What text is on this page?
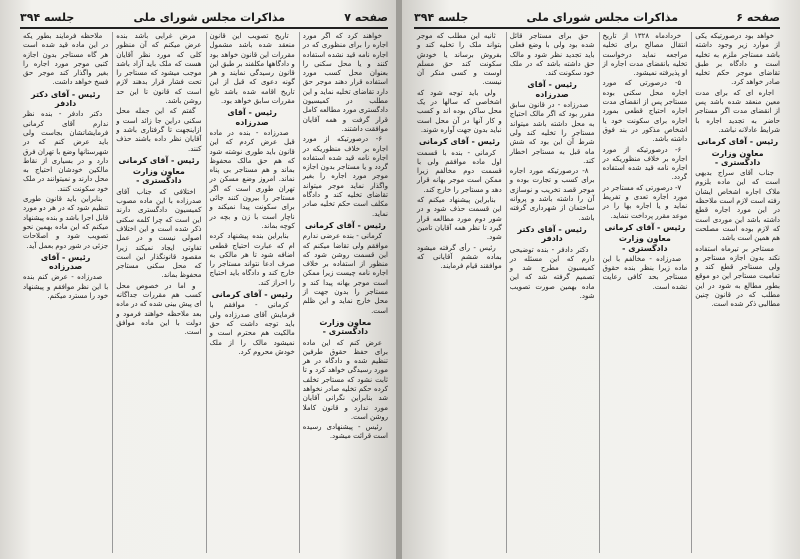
صفحه ۷
مذاکرات مجلس شورای ملی
جلسه ۳۹۴

خواهند کرد که اگر مورد اجاره را برای منظوری که در اجاره نامه قید نشده استفاده کنند و یا محل سکنی را بعنوان محل کسب مورد استفاده قرار دهند موجر حق دارد تقاضای تخلیه نماید و این مطلب در کمیسیون دادگستری مورد مطالعه کامل قرار گرفت و همه آقایان موافقت داشتند.

۶- درصورتیکه از مورد اجاره بر خلاف منظوریکه در اجاره نامه قید شده استفاده گردد و یا مستاجر بدون اجازه موجر مورد اجاره را بغیر واگذار نماید موجر میتواند تقاضای تخلیه کند و دادگاه مکلف است حکم تخلیه صادر نماید.

رئیس - آقای کرمانی

کرمانی - بنده عرضی ندارم موافقم ولی تقاضا میکنم که این قسمت روشن شود که منظور از استفاده بر خلاف اجاره نامه چیست زیرا ممکن است موجر بهانه پیدا کند و مستاجر را بدون جهت از محل خارج نماید و این ظلم است.

معاون وزارت دادگستری -

عرض کنم که این ماده برای حفظ حقوق طرفین تنظیم شده و دادگاه در هر مورد رسیدگی خواهد کرد و تا ثابت نشود که مستاجر تخلف کرده حکم تخلیه صادر نخواهد شد بنابراین نگرانی آقایان مورد ندارد و قانون کاملا روشن است.

رئیس - پیشنهادی رسیده است قرائت میشود.

تاریخ تصویب این قانون منعقد شده باشد مشمول مقررات این قانون خواهد بود و دادگاهها مکلفند بر طبق این قانون رسیدگی نمایند و هر گونه دعوی که قبل از این تاریخ اقامه شده باشد تابع مقررات سابق خواهد بود.

رئیس - آقای صدرزاده

صدرزاده - بنده در ماده قبل عرض کردم که این قانون باید طوری نوشته شود که هم حق مالک محفوظ بماند و هم مستاجر بی پناه نماند. امروز وضع مسکن در تهران طوری است که اگر مستاجر را بیرون کنند جائی برای سکونت پیدا نمیکند و ناچار است با زن و بچه در کوچه بماند.

بنابراین بنده پیشنهاد کرده ام که عبارت احتیاج قطعی اضافه شود تا هر مالکی به صرف ادعا نتواند مستاجر را خارج کند و دادگاه باید احتیاج را احراز کند.

رئیس - آقای کرمانی

کرمانی - موافقم با فرمایش آقای صدرزاده ولی باید توجه داشت که حق مالکیت هم محترم است و نمیشود مالک را از ملک خودش محروم کرد.

مرض غرایی باشد بنده عرض میکنم که آن منظور کلی که مورد نظر آقایان هست که ملک باید آزاد باشد موجب میشود که مستاجر را تحت فشار قرار بدهند لازم است که قانون تا این حد روشن باشد.

گفتم که این جمله محل سکنی دراین جا زائد است و ازاینجهت تا گرفتاری باشد و آقایان نظر داده باشند حذف کنند.

رئیس - آقای کرمانی
معاون وزارت دادگستری -

اختلافی که جناب آقای صدرزاده با این ماده مصوب کمیسیون دادگستری دارند این است که چرا کلمه سکنی ذکر شده است و این اختلاف اصولی نیست و در عمل تفاوتی ایجاد نمیکند زیرا مقصود قانونگذار این است که محل سکنی مستاجر محفوظ بماند.

و اما در خصوص محل کسب هم مقررات جداگانه ای پیش بینی شده که در ماده بعد ملاحظه خواهند فرمود و دولت با این ماده موافق است.

ملاحظه فرمایند بطور یکه در این ماده قید شده است هر گاه مستاجر بدون اجازه کتبی موجر مورد اجاره را بغیر واگذار کند موجر حق فسخ خواهد داشت.

رئیس - آقای دکتر دادفر

دکتر دادفر - بنده نظر ندارم آقای کرمانی فرمایشاتشان بجاست ولی باید عرض کنم که در شهرستانها وضع با تهران فرق دارد و در بسیاری از نقاط مالکین خودشان احتیاج به محل دارند و نمیتوانند در ملک خود سکونت کنند.

بنابراین باید قانون طوری تنظیم شود که در هر دو مورد قابل اجرا باشد و بنده پیشنهاد میکنم که این ماده بهمین نحو تصویب شود و اصلاحات جزئی در شور دوم بعمل آید.

رئیس - آقای صدرزاده

صدرزاده - عرض کنم بنده با این نظر موافقم و پیشنهاد خود را مسترد میکنم.

صفحه ۶
مذاکرات مجلس شورای ملی
جلسه ۳۹۴

خواهد بود درصورتیکه یکی از موارد زیر وجود داشته باشد مستاجر ملزم به تخلیه است و دادگاه بر طبق تقاضای موجر حکم تخلیه صادر خواهد کرد.

اجاره ای که برای مدت معین منعقد شده باشد پس از انقضای مدت اگر مستاجر حاضر به تجدید اجاره با شرایط عادلانه نباشد.

رئیس - آقای کرمانی
معاون وزارت دادگستری -

جناب آقای سراج بدیهی است که این ماده بلزوم ملاک اجاره اشخاص ایشان رفته است لازم است ملاحظه در این مورد اجاره قطع داشته باشد این موردی است که لازم بوده است مصلحت هم همین است باشد.

مستاجر بر تیرماه استفاده نکند بدون اجازه مستاجر و ولی مستاجر قطع کند و تمامیت مستاجر این دو موقع بطور مطالع به شود در این مطلب که در قانون چنین مطالبی ذکر شده است.

خردادماه ۱۳۲۸ از تاریخ انتقال مصالح برای تخلیه مراجعه نماید درخواست تخلیه بانقضای مدت اجاره از او پذیرفته نمیشود.

۵- درصورتی که مورد اجاره محل سکنی بوده مستاجر پس از انقضای مدت اجاره احتیاج قطعی بمورد اجاره برای سکونت خود یا اشخاص مذکور در بند فوق داشته باشد.

۶- درصورتیکه از مورد اجاره بر خلاف منظوریکه در اجاره نامه قید شده استفاده گردد.

۷- درصورتی که مستاجر در مورد اجاره تعدی و تفریط نماید و یا اجاره بها را در موعد مقرر پرداخت ننماید.

رئیس - آقای کرمانی
معاون وزارت دادگستری -

صدرزاده - مخالفم با این ماده زیرا بنظر بنده حقوق مستاجر بحد کافی رعایت نشده است.

حق برای مستاجر قائل شده بود ولی با وضع فعلی باید تجدید نظر شود و مالک حق داشته باشد که در ملک خود سکونت کند.

رئیس - آقای صدرزاده

صدرزاده - در قانون سابق مقرر بود که اگر مالک احتیاج به محل داشته باشد میتواند مستاجر را تخلیه کند ولی شرط آن این بود که شش ماه قبل به مستاجر اخطار کند.

۸- درصورتیکه مورد اجاره برای کسب و تجارت بوده و موجر قصد تخریب و نوسازی آن را داشته باشد و پروانه ساختمان از شهرداری گرفته باشد.

رئیس - آقای دکتر دادفر

دکتر دادفر - بنده توضیحی دارم که این مسئله در کمیسیون مطرح شد و تصمیم گرفته شد که این ماده بهمین صورت تصویب شود.

ثانیه این مطلب که موجر بتواند ملک را تخلیه کند و بفروش برساند یا خودش سکونت کند حق مسلم اوست و کسی منکر آن نیست.

ولی باید توجه شود که اشخاصی که سالها در یک محل ساکن بوده اند و کسب و کار آنها در آن محل است نباید بدون جهت آواره شوند.

رئیس - آقای کرمانی

کرمانی - بنده با قسمت اول ماده موافقم ولی با قسمت دوم مخالفم زیرا ممکن است موجر بهانه قرار دهد و مستاجر را خارج کند.

بنابراین پیشنهاد میکنم که این قسمت حذف شود و در شور دوم مورد مطالعه قرار گیرد تا نظر همه آقایان تامین شود.

رئیس - رأی گرفته میشود بماده ششم آقایانی که موافقند قیام فرمایند.
